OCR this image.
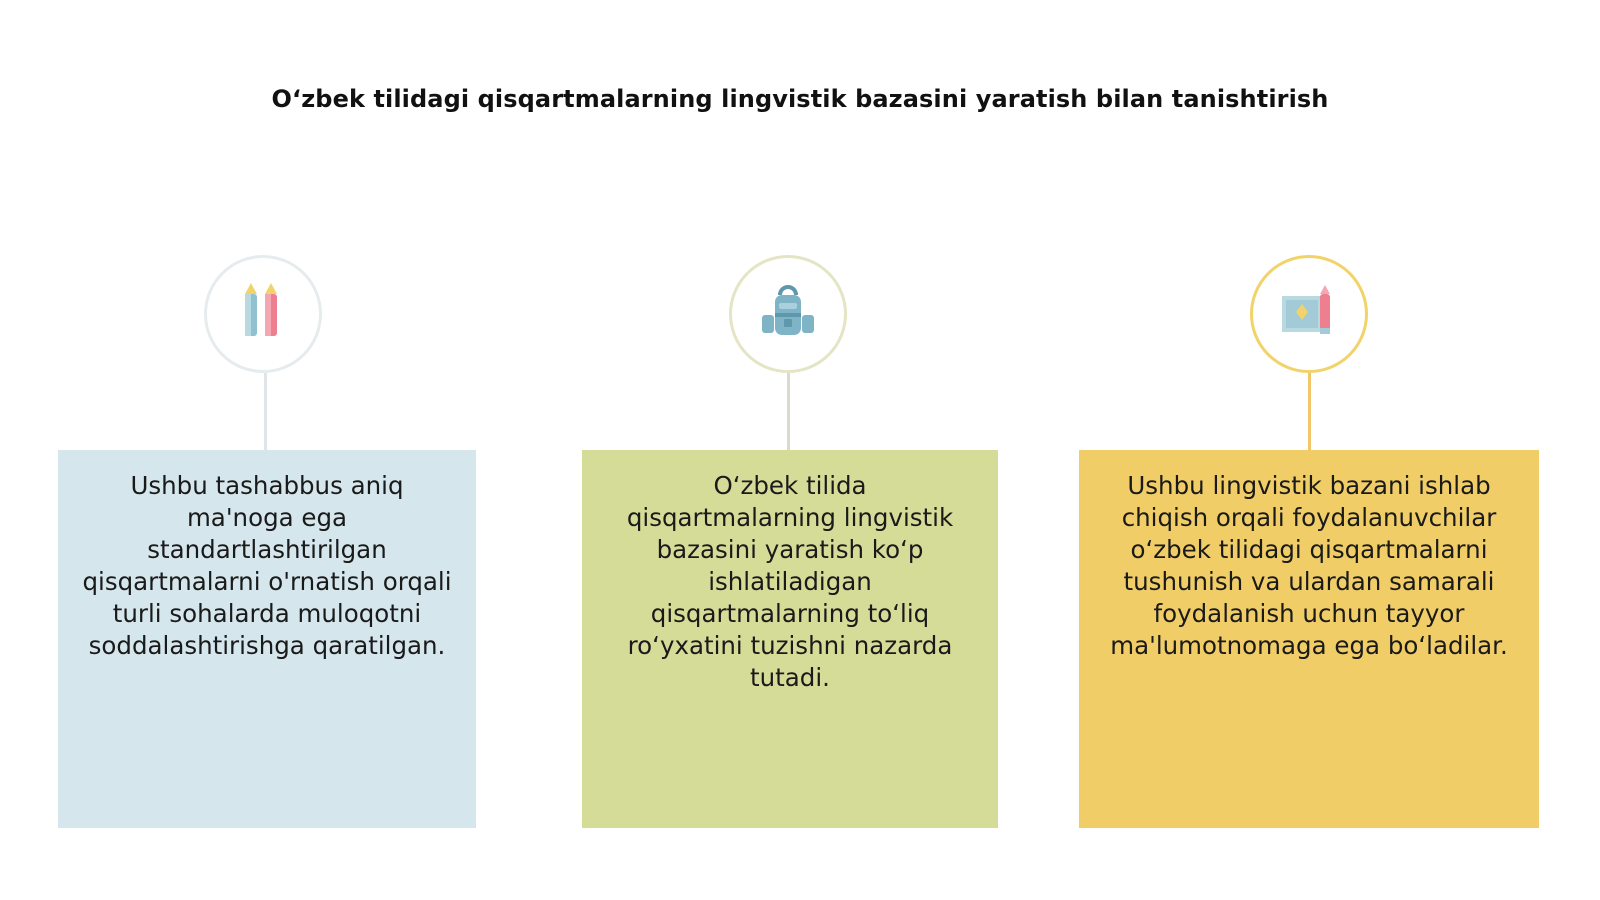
O‘zbek tilidagi qisqartmalarning lingvistik bazasini yaratish bilan tanishtirish
Ushbu tashabbus aniq ma'noga ega standartlashtirilgan qisqartmalarni o'rnatish orqali turli sohalarda muloqotni soddalashtirishga qaratilgan.
O‘zbek tilida qisqartmalarning lingvistik bazasini yaratish ko‘p ishlatiladigan qisqartmalarning to‘liq ro‘yxatini tuzishni nazarda tutadi.
Ushbu lingvistik bazani ishlab chiqish orqali foydalanuvchilar o‘zbek tilidagi qisqartmalarni tushunish va ulardan samarali foydalanish uchun tayyor ma'lumotnomaga ega bo‘ladilar.
